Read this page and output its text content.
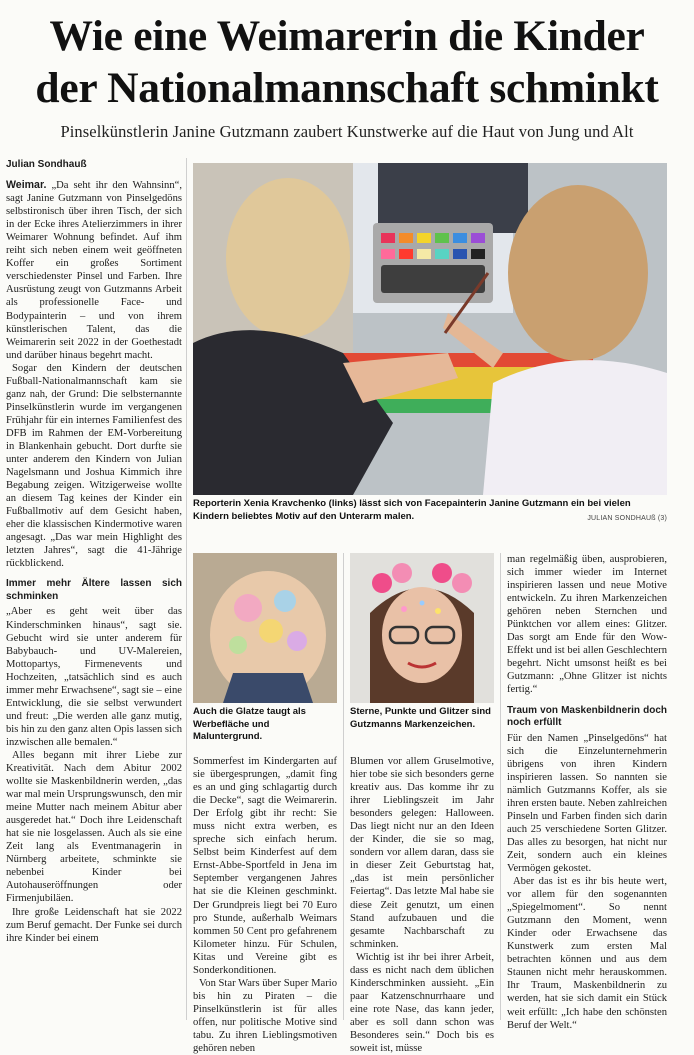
Wie eine Weimarerin die Kinder
der Nationalmannschaft schminkt
Pinselkünstlerin Janine Gutzmann zaubert Kunstwerke auf die Haut von Jung und Alt
Julian Sondhauß

Weimar. „Da seht ihr den Wahnsinn“, sagt Janine Gutzmann von Pinselgedöns selbstironisch über ihren Tisch, der sich in der Ecke ihres Atelierzimmers in ihrer Weimarer Wohnung befindet. Auf ihm reiht sich neben einem weit geöffneten Koffer ein großes Sortiment verschiedenster Pinsel und Farben. Ihre Ausrüstung zeugt von Gutzmanns Arbeit als professionelle Face- und Bodypainterin – und von ihrem künstlerischen Talent, das die Weimarerin seit 2022 in der Goethestadt und darüber hinaus begehrt macht.

Sogar den Kindern der deutschen Fußball-Nationalmannschaft kam sie ganz nah, der Grund: Die selbsternannte Pinselkünstlerin wurde im vergangenen Frühjahr für ein internes Familienfest des DFB im Rahmen der EM-Vorbereitung in Blankenhain gebucht. Dort durfte sie unter anderem den Kindern von Julian Nagelsmann und Joshua Kimmich ihre Begabung zeigen. Witzigerweise wollte an diesem Tag keines der Kinder ein Fußballmotiv auf dem Gesicht haben, eher die klassischen Kindermotive waren angesagt. „Das war mein Highlight des letzten Jahres“, sagt die 41-Jährige rückblickend.

Immer mehr Ältere lassen sich schminken

„Aber es geht weit über das Kinderschminken hinaus“, sagt sie. Gebucht wird sie unter anderem für Babybauch- und UV-Malereien, Mottopartys, Firmenevents und Hochzeiten, „tatsächlich sind es auch immer mehr Erwachsene“, sagt sie – eine Entwicklung, die sie selbst verwundert und freut: „Die werden alle ganz mutig, bis hin zu den ganz alten Opis lassen sich inzwischen alle bemalen.“

Alles begann mit ihrer Liebe zur Kreativität. Nach dem Abitur 2002 wollte sie Maskenbildnerin werden, „das war mal mein Ursprungswunsch, den mir meine Mutter nach meinem Abitur aber ausgeredet hat.“ Doch ihre Leidenschaft hat sie nie losgelassen. Auch als sie eine Zeit lang als Eventmanagerin in Nürnberg arbeitete, schminkte sie nebenbei Kinder bei Autohauseröffnungen oder Firmenjubiläen.

Ihre große Leidenschaft hat sie 2022 zum Beruf gemacht. Der Funke sei durch ihre Kinder bei einem

Reporterin Xenia Kravchenko (links) lässt sich von Facepainterin Janine Gutzmann ein bei vielen Kindern beliebtes Motiv auf den Unterarm malen.	JULIAN SONDHAUß (3)
Auch die Glatze taugt als Werbefläche und Maluntergrund.
Sterne, Punkte und Glitzer sind Gutzmanns Markenzeichen.

Sommerfest im Kindergarten auf sie übergesprungen, „damit fing es an und ging schlagartig durch die Decke“, sagt die Weimarerin. Der Erfolg gibt ihr recht: Sie muss nicht extra werben, es spreche sich einfach herum. Selbst beim Kinderfest auf dem Ernst-Abbe-Sportfeld in Jena im September vergangenen Jahres hat sie die Kleinen geschminkt. Der Grundpreis liegt bei 70 Euro pro Stunde, außerhalb Weimars kommen 50 Cent pro gefahrenem Kilometer hinzu. Für Schulen, Kitas und Vereine gibt es Sonderkonditionen.

Von Star Wars über Super Mario bis hin zu Piraten – die Pinselkünstlerin ist für alles offen, nur politische Motive sind tabu. Zu ihren Lieblingsmotiven gehören neben

Blumen vor allem Gruselmotive, hier tobe sie sich besonders gerne kreativ aus. Das komme ihr zu ihrer Lieblingszeit im Jahr besonders gelegen: Halloween. Das liegt nicht nur an den Ideen der Kinder, die sie so mag, sondern vor allem daran, dass sie in dieser Zeit Geburtstag hat, „das ist mein persönlicher Feiertag“. Das letzte Mal habe sie diese Zeit genutzt, um einen Stand aufzubauen und die gesamte Nachbarschaft zu schminken.

Wichtig ist ihr bei ihrer Arbeit, dass es nicht nach dem üblichen Kinderschminken aussieht. „Ein paar Katzenschnurrhaare und eine rote Nase, das kann jeder, aber es soll dann schon was Besonderes sein.“ Doch bis es soweit ist, müsse

man regelmäßig üben, ausprobieren, sich immer wieder im Internet inspirieren lassen und neue Motive entwickeln. Zu ihren Markenzeichen gehören neben Sternchen und Pünktchen vor allem eines: Glitzer. Das sorgt am Ende für den Wow-Effekt und ist bei allen Geschlechtern begehrt. Nicht umsonst heißt es bei Gutzmann: „Ohne Glitzer ist nichts fertig.“

Traum von Maskenbildnerin doch noch erfüllt

Für den Namen „Pinselgedöns“ hat sich die Einzelunternehmerin übrigens von ihren Kindern inspirieren lassen. So nannten sie nämlich Gutzmanns Koffer, als sie ihren ersten baute. Neben zahlreichen Pinseln und Farben finden sich darin auch 25 verschiedene Sorten Glitzer. Das alles zu besorgen, hat nicht nur Zeit, sondern auch ein kleines Vermögen gekostet.

Aber das ist es ihr bis heute wert, vor allem für den sogenannten „Spiegelmoment“. So nennt Gutzmann den Moment, wenn Kinder oder Erwachsene das Kunstwerk zum ersten Mal betrachten können und aus dem Staunen nicht mehr herauskommen. Ihr Traum, Maskenbildnerin zu werden, hat sie sich damit ein Stück weit erfüllt: „Ich habe den schönsten Beruf der Welt.“
